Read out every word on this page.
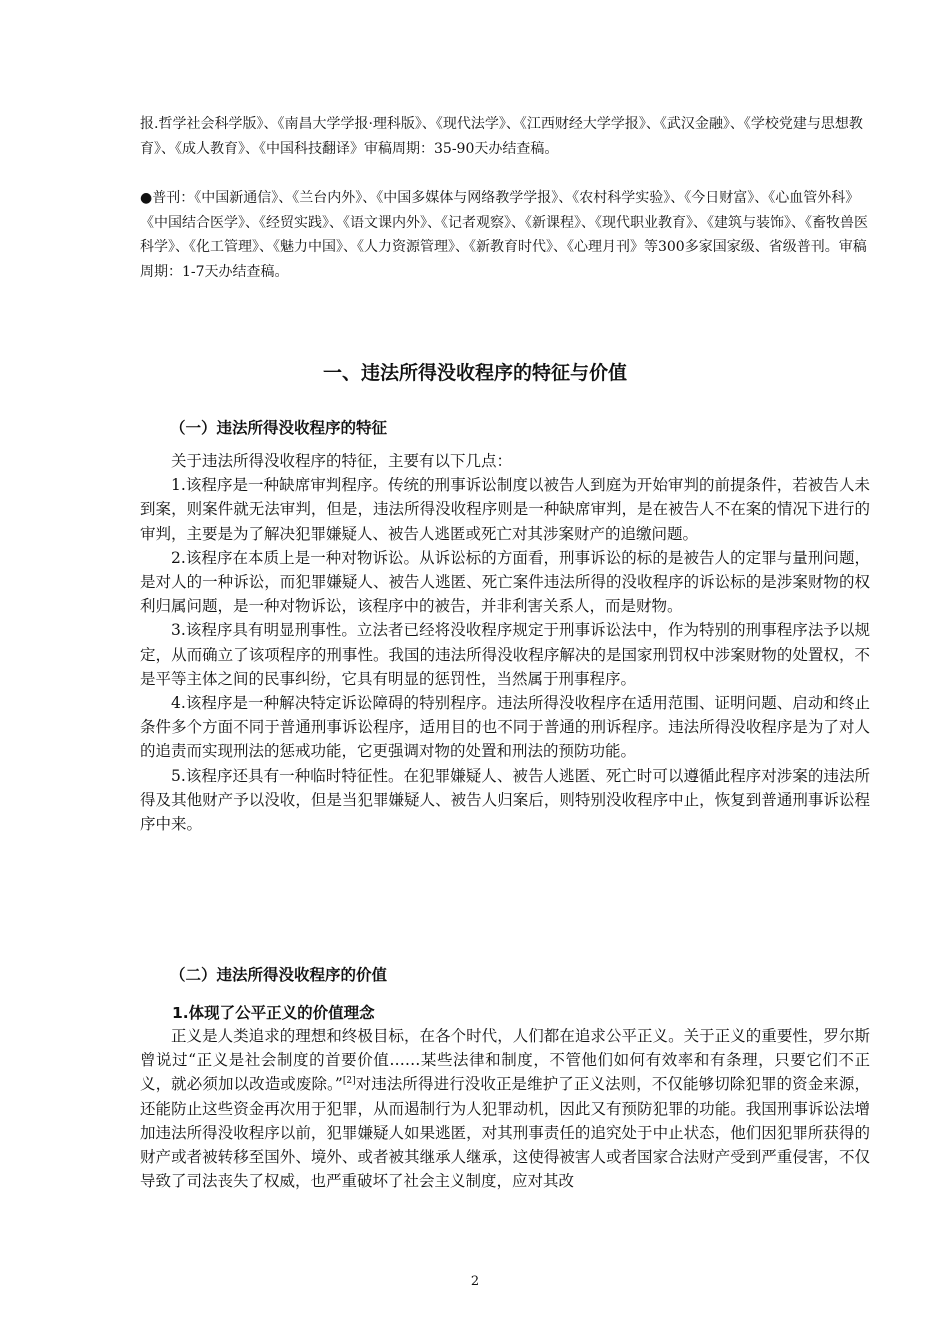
报.哲学社会科学版》、《南昌大学学报·理科版》、《现代法学》、《江西财经大学学报》、《武汉金融》、《学校党建与思想教育》、《成人教育》、《中国科技翻译》审稿周期：35-90天办结查稿。
●普刊：《中国新通信》、《兰台内外》、《中国多媒体与网络教学学报》、《农村科学实验》、《今日财富》、《心血管外科》《中国结合医学》、《经贸实践》、《语文课内外》、《记者观察》、《新课程》、《现代职业教育》、《建筑与装饰》、《畜牧兽医科学》、《化工管理》、《魅力中国》、《人力资源管理》、《新教育时代》、《心理月刊》等300多家国家级、省级普刊。审稿周期：1-7天办结查稿。
一、违法所得没收程序的特征与价值
（一）违法所得没收程序的特征

关于违法所得没收程序的特征，主要有以下几点：

1.该程序是一种缺席审判程序。传统的刑事诉讼制度以被告人到庭为开始审判的前提条件，若被告人未到案，则案件就无法审判，但是，违法所得没收程序则是一种缺席审判，是在被告人不在案的情况下进行的审判，主要是为了解决犯罪嫌疑人、被告人逃匿或死亡对其涉案财产的追缴问题。

2.该程序在本质上是一种对物诉讼。从诉讼标的方面看，刑事诉讼的标的是被告人的定罪与量刑问题，是对人的一种诉讼，而犯罪嫌疑人、被告人逃匿、死亡案件违法所得的没收程序的诉讼标的是涉案财物的权利归属问题，是一种对物诉讼，该程序中的被告，并非利害关系人，而是财物。

3.该程序具有明显刑事性。立法者已经将没收程序规定于刑事诉讼法中，作为特别的刑事程序法予以规定，从而确立了该项程序的刑事性。我国的违法所得没收程序解决的是国家刑罚权中涉案财物的处置权，不是平等主体之间的民事纠纷，它具有明显的惩罚性，当然属于刑事程序。

4.该程序是一种解决特定诉讼障碍的特别程序。违法所得没收程序在适用范围、证明问题、启动和终止条件多个方面不同于普通刑事诉讼程序，适用目的也不同于普通的刑诉程序。违法所得没收程序是为了对人的追责而实现刑法的惩戒功能，它更强调对物的处置和刑法的预防功能。

5.该程序还具有一种临时特征性。在犯罪嫌疑人、被告人逃匿、死亡时可以遵循此程序对涉案的违法所得及其他财产予以没收，但是当犯罪嫌疑人、被告人归案后，则特别没收程序中止，恢复到普通刑事诉讼程序中来。

（二）违法所得没收程序的价值
1.体现了公平正义的价值理念

正义是人类追求的理想和终极目标，在各个时代，人们都在追求公平正义。关于正义的重要性，罗尔斯曾说过“正义是社会制度的首要价值……某些法律和制度，不管他们如何有效率和有条理，只要它们不正义，就必须加以改造或废除。”[2]对违法所得进行没收正是维护了正义法则，不仅能够切除犯罪的资金来源，还能防止这些资金再次用于犯罪，从而遏制行为人犯罪动机，因此又有预防犯罪的功能。我国刑事诉讼法增加违法所得没收程序以前，犯罪嫌疑人如果逃匿，对其刑事责任的追究处于中止状态，他们因犯罪所获得的财产或者被转移至国外、境外、或者被其继承人继承，这使得被害人或者国家合法财产受到严重侵害，不仅导致了司法丧失了权威，也严重破坏了社会主义制度，应对其改

2
